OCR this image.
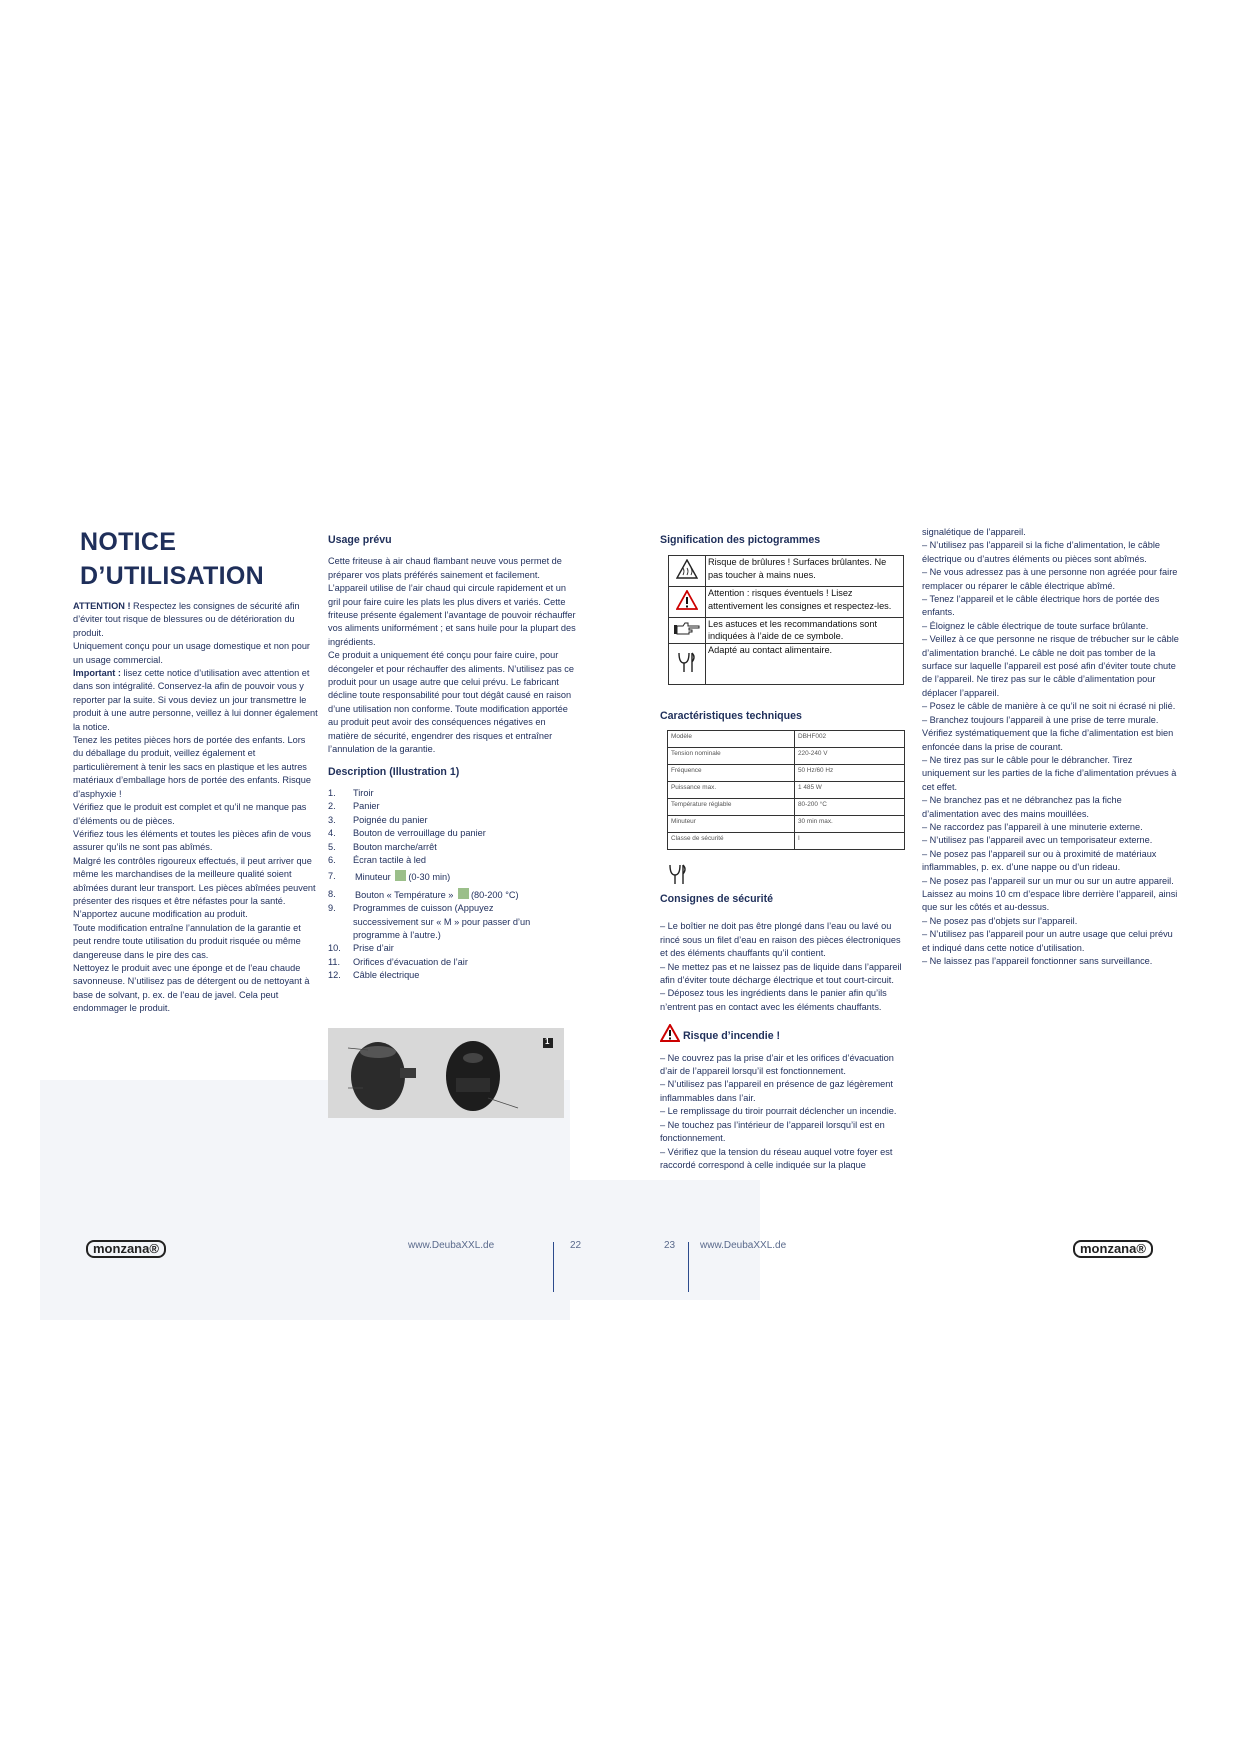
NOTICE
D’UTILISATION

ATTENTION ! Respectez les consignes de sécurité afin d’éviter tout risque de blessures ou de détérioration du produit.

Uniquement conçu pour un usage domestique et non pour un usage commercial.

Important : lisez cette notice d’utilisation avec attention et dans son intégralité. Conservez-la afin de pouvoir vous y reporter par la suite. Si vous deviez un jour transmettre le produit à une autre personne, veillez à lui donner également la notice.

Tenez les petites pièces hors de portée des enfants. Lors du déballage du produit, veillez également et particulièrement à tenir les sacs en plastique et les autres matériaux d’emballage hors de portée des enfants. Risque d’asphyxie !

Vérifiez que le produit est complet et qu’il ne manque pas d’éléments ou de pièces.

Vérifiez tous les éléments et toutes les pièces afin de vous assurer qu’ils ne sont pas abîmés.

Malgré les contrôles rigoureux effectués, il peut arriver que même les marchandises de la meilleure qualité soient abîmées durant leur transport. Les pièces abîmées peuvent présenter des risques et être néfastes pour la santé.

N’apportez aucune modification au produit.

Toute modification entraîne l’annulation de la garantie et peut rendre toute utilisation du produit risquée ou même dangereuse dans le pire des cas.

Nettoyez le produit avec une éponge et de l’eau chaude savonneuse. N’utilisez pas de détergent ou de nettoyant à base de solvant, p. ex. de l’eau de javel. Cela peut endommager le produit.

Usage prévu

Cette friteuse à air chaud flambant neuve vous permet de préparer vos plats préférés sainement et facilement. L’appareil utilise de l’air chaud qui circule rapidement et un gril pour faire cuire les plats les plus divers et variés. Cette friteuse présente également l’avantage de pouvoir réchauffer vos aliments uniformément ; et sans huile pour la plupart des ingrédients.

Ce produit a uniquement été conçu pour faire cuire, pour décongeler et pour réchauffer des aliments. N’utilisez pas ce produit pour un usage autre que celui prévu. Le fabricant décline toute responsabilité pour tout dégât causé en raison d’une utilisation non conforme. Toute modification apportée au produit peut avoir des conséquences négatives en matière de sécurité, engendrer des risques et entraîner l’annulation de la garantie.

Description (Illustration 1)

1. Tiroir
2. Panier
3. Poignée du panier
4. Bouton de verrouillage du panier
5. Bouton marche/arrêt
6. Écran tactile à led
7. Minuteur (0-30 min)
8. Bouton « Température » (80-200 °C)
9. Programmes de cuisson (Appuyez successivement sur « M » pour passer d’un programme à l’autre.)
10. Prise d’air
11. Orifices d’évacuation de l’air
12. Câble électrique
1
monzana®	www.DeubaXXL.de	22

Signification des pictogrammes

	Risque de brûlures ! Surfaces brûlantes. Ne pas toucher à mains nues.
	Attention : risques éventuels ! Lisez attentivement les consignes et respectez-les.
	Les astuces et les recommandations sont indiquées à l’aide de ce symbole.
	Adapté au contact alimentaire.

Caractéristiques techniques

Modèle	DBHF002
Tension nominale	220-240 V
Fréquence	50 Hz/60 Hz
Puissance max.	1 485 W
Température réglable	80-200 °C
Minuteur	30 min max.
Classe de sécurité	I

Consignes de sécurité

– Le boîtier ne doit pas être plongé dans l’eau ou lavé ou rincé sous un filet d’eau en raison des pièces électroniques et des éléments chauffants qu’il contient.

– Ne mettez pas et ne laissez pas de liquide dans l’appareil afin d’éviter toute décharge électrique et tout court-circuit.

– Déposez tous les ingrédients dans le panier afin qu’ils n’entrent pas en contact avec les éléments chauffants.

Risque d’incendie !

– Ne couvrez pas la prise d’air et les orifices d’évacuation d’air de l’appareil lorsqu’il est fonctionnement.

– N’utilisez pas l’appareil en présence de gaz légèrement inflammables dans l’air.

– Le remplissage du tiroir pourrait déclencher un incendie.

– Ne touchez pas l’intérieur de l’appareil lorsqu’il est en fonctionnement.

– Vérifiez que la tension du réseau auquel votre foyer est raccordé correspond à celle indiquée sur la plaque

signalétique de l’appareil.

– N’utilisez pas l’appareil si la fiche d’alimentation, le câble électrique ou d’autres éléments ou pièces sont abîmés.

– Ne vous adressez pas à une personne non agréée pour faire remplacer ou réparer le câble électrique abîmé.

– Tenez l’appareil et le câble électrique hors de portée des enfants.

– Éloignez le câble électrique de toute surface brûlante.

– Veillez à ce que personne ne risque de trébucher sur le câble d’alimentation branché. Le câble ne doit pas tomber de la surface sur laquelle l’appareil est posé afin d’éviter toute chute de l’appareil. Ne tirez pas sur le câble d’alimentation pour déplacer l’appareil.

– Posez le câble de manière à ce qu’il ne soit ni écrasé ni plié.

– Branchez toujours l’appareil à une prise de terre murale. Vérifiez systématiquement que la fiche d’alimentation est bien enfoncée dans la prise de courant.

– Ne tirez pas sur le câble pour le débrancher. Tirez uniquement sur les parties de la fiche d’alimentation prévues à cet effet.

– Ne branchez pas et ne débranchez pas la fiche d’alimentation avec des mains mouillées.

– Ne raccordez pas l’appareil à une minuterie externe.

– N’utilisez pas l’appareil avec un temporisateur externe.

– Ne posez pas l’appareil sur ou à proximité de matériaux inflammables, p. ex. d’une nappe ou d’un rideau.

– Ne posez pas l’appareil sur un mur ou sur un autre appareil. Laissez au moins 10 cm d’espace libre derrière l’appareil, ainsi que sur les côtés et au-dessus.

– Ne posez pas d’objets sur l’appareil.

– N’utilisez pas l’appareil pour un autre usage que celui prévu et indiqué dans cette notice d’utilisation.

– Ne laissez pas l’appareil fonctionner sans surveillance.

23 www.DeubaXXL.de	monzana®
